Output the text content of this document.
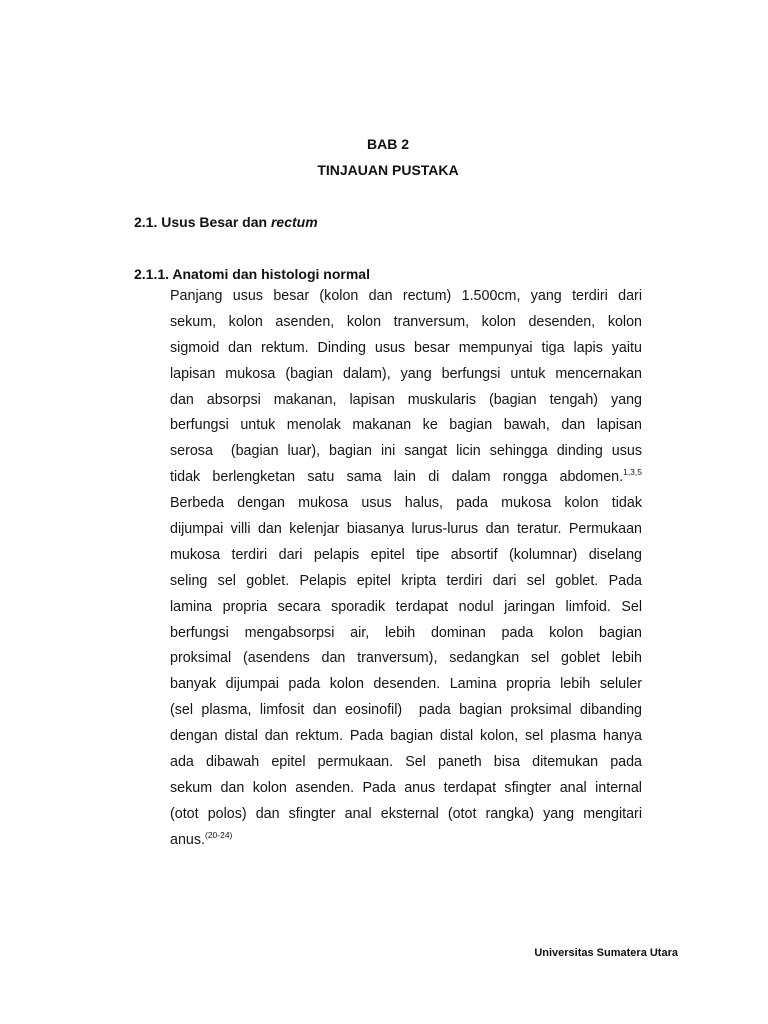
BAB 2
TINJAUAN PUSTAKA
2.1. Usus Besar dan rectum
2.1.1. Anatomi dan histologi normal
Panjang usus besar (kolon dan rectum) 1.500cm, yang terdiri dari
sekum, kolon asenden, kolon tranversum, kolon desenden, kolon
sigmoid dan rektum. Dinding usus besar mempunyai tiga lapis yaitu
lapisan mukosa (bagian dalam), yang berfungsi untuk mencernakan
dan absorpsi makanan, lapisan muskularis (bagian tengah) yang
berfungsi untuk menolak makanan ke bagian bawah, dan lapisan
serosa  (bagian luar), bagian ini sangat licin sehingga dinding usus
tidak berlengketan satu sama lain di dalam rongga abdomen.$^{1,3,5}$
Berbeda dengan mukosa usus halus, pada mukosa kolon tidak
dijumpai villi dan kelenjar biasanya lurus-lurus dan teratur. Permukaan
mukosa terdiri dari pelapis epitel tipe absortif (kolumnar) diselang
seling sel goblet. Pelapis epitel kripta terdiri dari sel goblet. Pada
lamina propria secara sporadik terdapat nodul jaringan limfoid. Sel
berfungsi mengabsorpsi air, lebih dominan pada kolon bagian
proksimal (asendens dan tranversum), sedangkan sel goblet lebih
banyak dijumpai pada kolon desenden. Lamina propria lebih seluler
(sel plasma, limfosit dan eosinofil)  pada bagian proksimal dibanding
dengan distal dan rektum. Pada bagian distal kolon, sel plasma hanya
ada dibawah epitel permukaan. Sel paneth bisa ditemukan pada
sekum dan kolon asenden. Pada anus terdapat sfingter anal internal
(otot polos) dan sfingter anal eksternal (otot rangka) yang mengitari
anus.$^{(20-24)}$
Universitas Sumatera Utara
